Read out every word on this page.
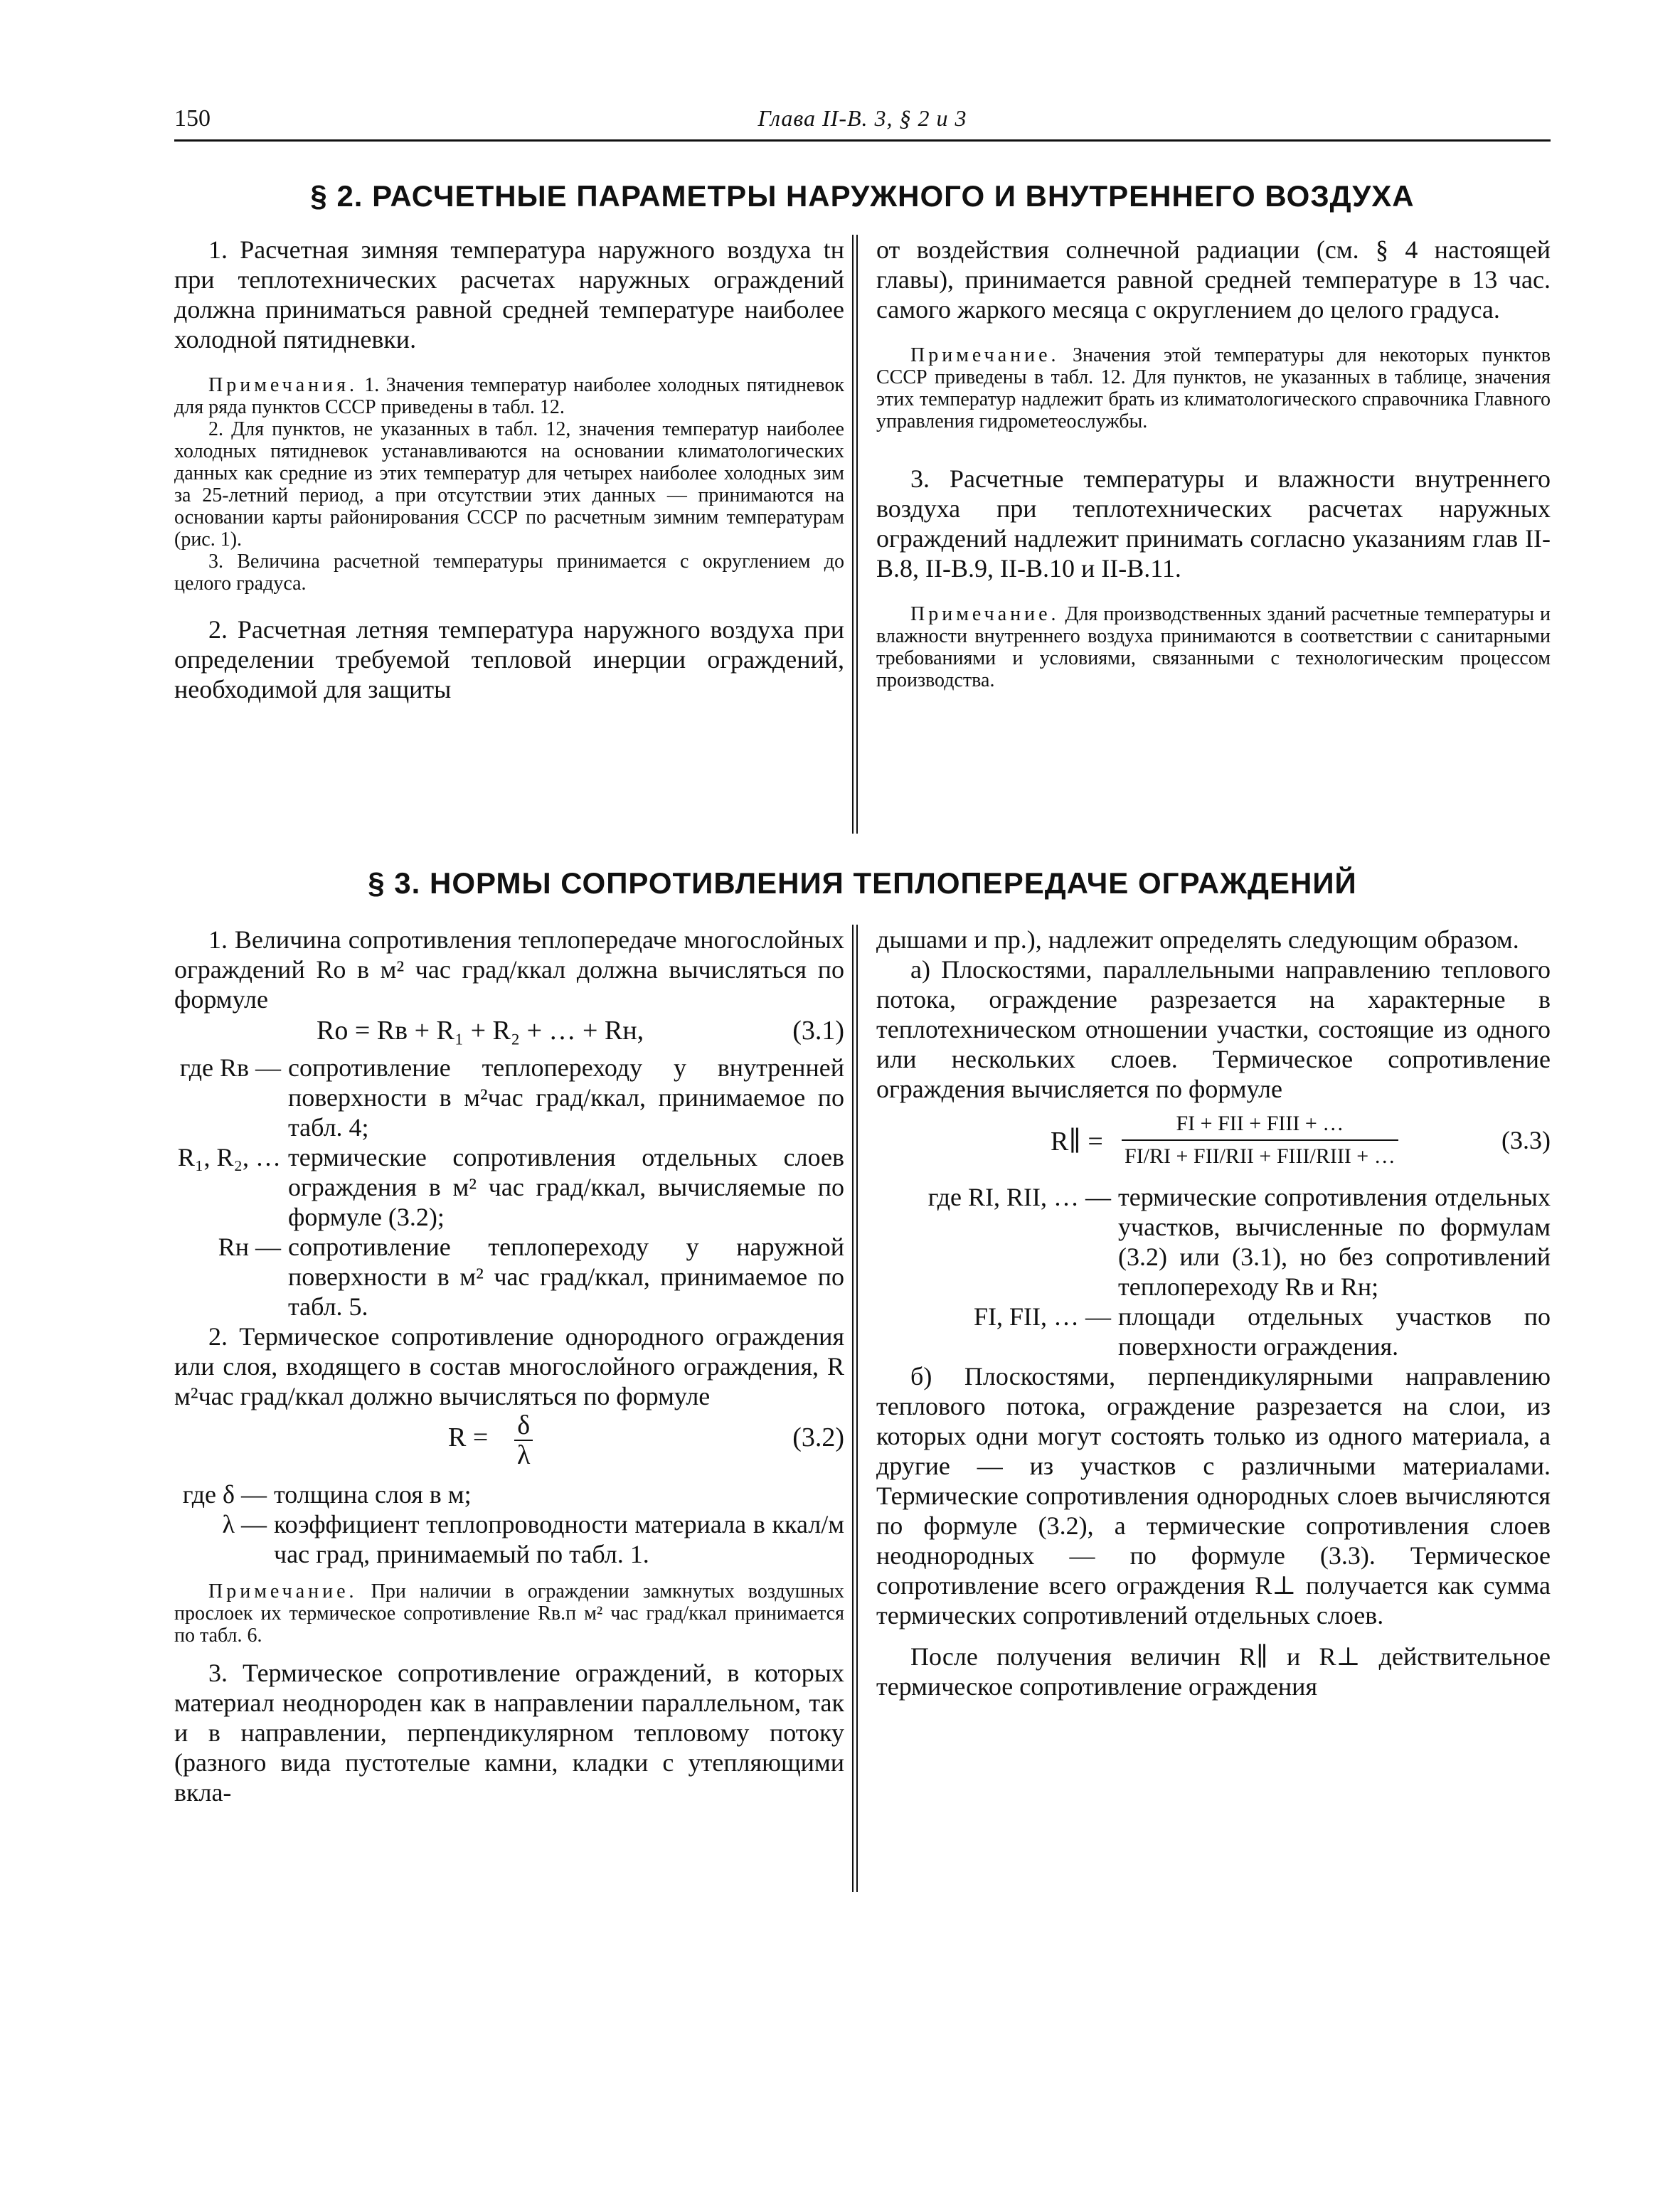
150	Глава II-В. 3, § 2 и 3
§ 2. РАСЧЕТНЫЕ ПАРАМЕТРЫ НАРУЖНОГО И ВНУТРЕННЕГО ВОЗДУХА

1. Расчетная зимняя температура наружного воздуха tн при теплотехнических расчетах наружных ограждений должна приниматься равной средней температуре наиболее холодной пятидневки.

Примечания. 1. Значения температур наиболее холодных пятидневок для ряда пунктов СССР приведены в табл. 12.

2. Для пунктов, не указанных в табл. 12, значения температур наиболее холодных пятидневок устанавливаются на основании климатологических данных как средние из этих температур для четырех наиболее холодных зим за 25-летний период, а при отсутствии этих данных — принимаются на основании карты районирования СССР по расчетным зимним температурам (рис. 1).

3. Величина расчетной температуры принимается с округлением до целого градуса.

2. Расчетная летняя температура наружного воздуха при определении требуемой тепловой инерции ограждений, необходимой для защиты

от воздействия солнечной радиации (см. § 4 настоящей главы), принимается равной средней температуре в 13 час. самого жаркого месяца с округлением до целого градуса.

Примечание. Значения этой температуры для некоторых пунктов СССР приведены в табл. 12. Для пунктов, не указанных в таблице, значения этих температур надлежит брать из климатологического справочника Главного управления гидрометеослужбы.

3. Расчетные температуры и влажности внутреннего воздуха при теплотехнических расчетах наружных ограждений надлежит принимать согласно указаниям глав II-В.8, II-В.9, II-В.10 и II-В.11.

Примечание. Для производственных зданий расчетные температуры и влажности внутреннего воздуха принимаются в соответствии с санитарными требованиями и условиями, связанными с технологическим процессом производства.

§ 3. НОРМЫ СОПРОТИВЛЕНИЯ ТЕПЛОПЕРЕДАЧЕ ОГРАЖДЕНИЙ

1. Величина сопротивления теплопередаче многослойных ограждений Rо в м² час град/ккал должна вычисляться по формуле

Rо = Rв + R₁ + R₂ + … + Rн,	(3.1)
где Rв — сопротивление теплопереходу у внутренней поверхности в м²час град/ккал, принимаемое по табл. 4;
R₁, R₂, … термические сопротивления отдельных слоев ограждения в м² час град/ккал, вычисляемые по формуле (3.2);
Rн — сопротивление теплопереходу у наружной поверхности в м² час град/ккал, принимаемое по табл. 5.

2. Термическое сопротивление однородного ограждения или слоя, входящего в состав многослойного ограждения, R м²час град/ккал должно вычисляться по формуле

$R = \frac{\delta}{\lambda}$	(3.2)
где δ — толщина слоя в м;
λ — коэффициент теплопроводности материала в ккал/м час град, принимаемый по табл. 1.

Примечание. При наличии в ограждении замкнутых воздушных прослоек их термическое сопротивление Rв.п м² час град/ккал принимается по табл. 6.

3. Термическое сопротивление ограждений, в которых материал неоднороден как в направлении параллельном, так и в направлении, перпендикулярном тепловому потоку (разного вида пустотелые камни, кладки с утепляющими вкла-

дышами и пр.), надлежит определять следующим образом.

а) Плоскостями, параллельными направлению теплового потока, ограждение разрезается на характерные в теплотехническом отношении участки, состоящие из одного или нескольких слоев. Термическое сопротивление ограждения вычисляется по формуле

R∥ = $\frac{\text{FI + FII + FIII + …}}{\text{FI/RI + FII/RII + FIII/RIII + …}}$	(3.3)
где RI, RII, … — термические сопротивления отдельных участков, вычисленные по формулам (3.2) или (3.1), но без сопротивлений теплопереходу Rв и Rн;
FI, FII, … — площади отдельных участков по поверхности ограждения.

б) Плоскостями, перпендикулярными направлению теплового потока, ограждение разрезается на слои, из которых одни могут состоять только из одного материала, а другие — из участков с различными материалами. Термические сопротивления однородных слоев вычисляются по формуле (3.2), а термические сопротивления слоев неоднородных — по формуле (3.3). Термическое сопротивление всего ограждения R⊥ получается как сумма термических сопротивлений отдельных слоев.

После получения величин R∥ и R⊥ действительное термическое сопротивление ограждения
